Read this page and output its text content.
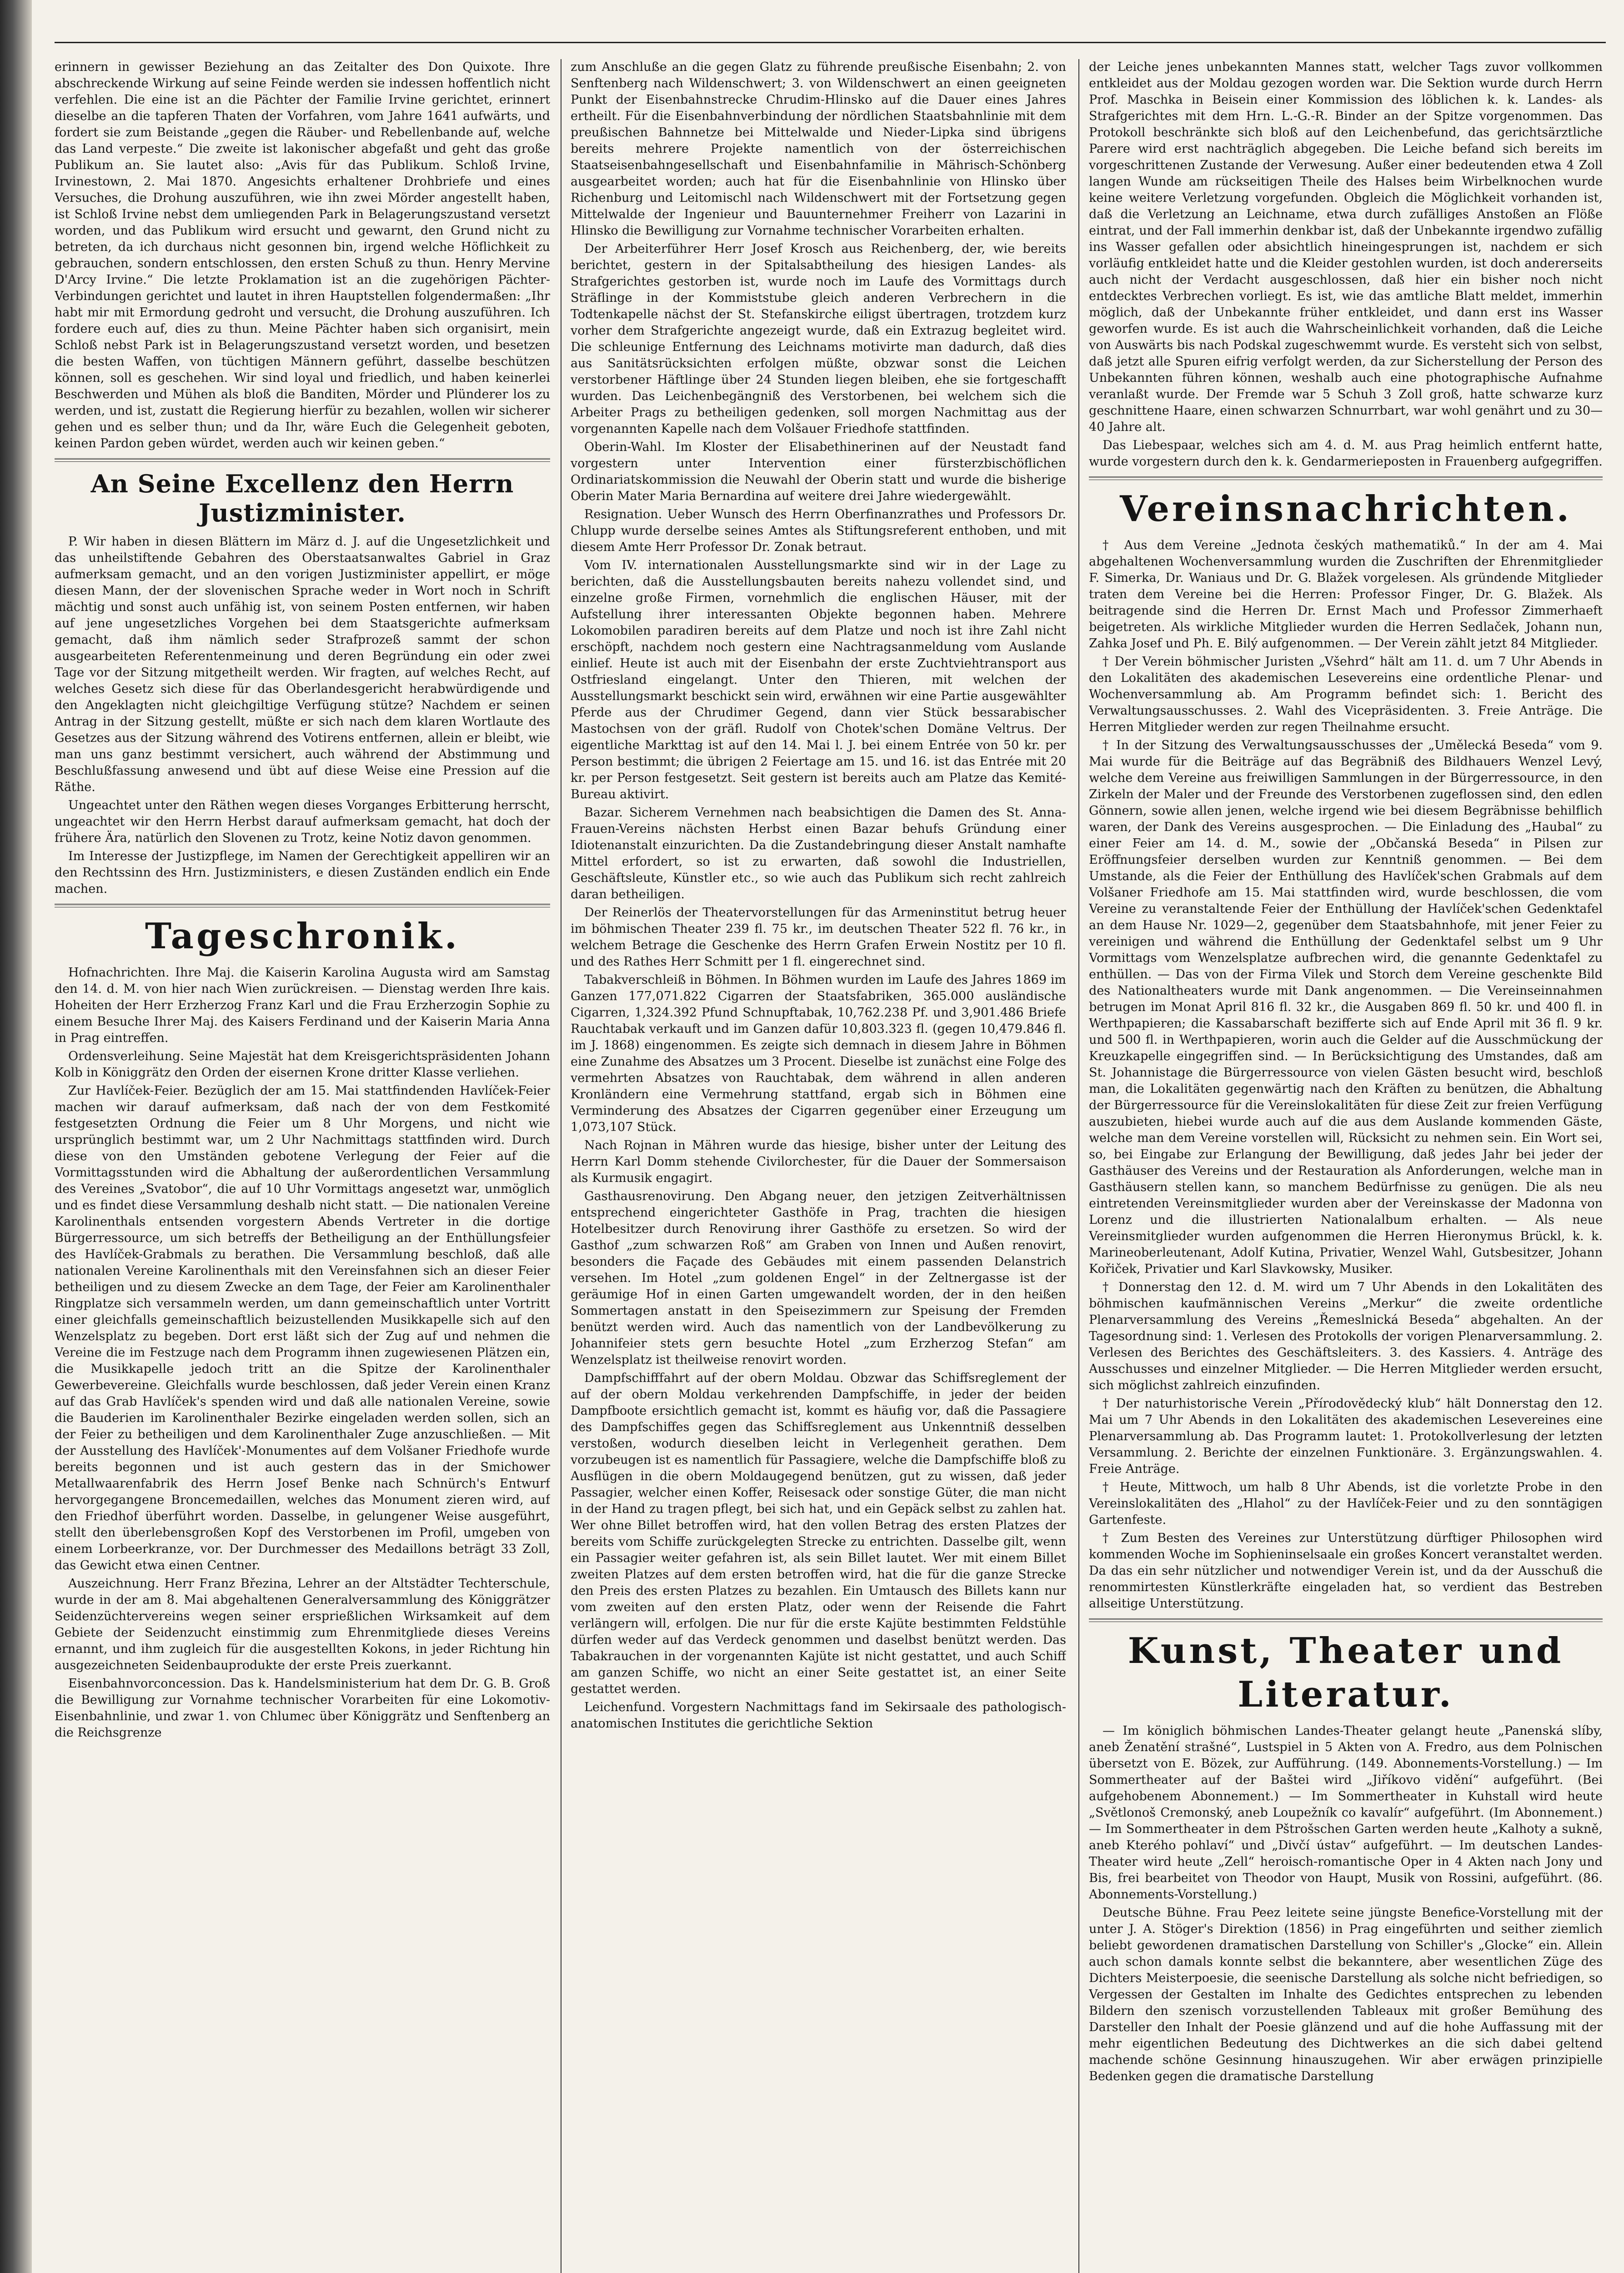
erinnern in gewisser Beziehung an das Zeitalter des Don Quixote. Ihre abschreckende Wirkung auf seine Feinde werden sie indessen hoffentlich nicht verfehlen. Die eine ist an die Pächter der Familie Irvine gerichtet, erinnert dieselbe an die tapferen Thaten der Vorfahren, vom Jahre 1641 aufwärts, und fordert sie zum Beistande „gegen die Räuber- und Rebellenbande auf, welche das Land verpeste.“ Die zweite ist lakonischer abgefaßt und geht das große Publikum an. Sie lautet also: „Avis für das Publikum. Schloß Irvine, Irvinestown, 2. Mai 1870. Angesichts erhaltener Drohbriefe und eines Versuches, die Drohung auszuführen, wie ihn zwei Mörder angestellt haben, ist Schloß Irvine nebst dem umliegenden Park in Belagerungszustand versetzt worden, und das Publikum wird ersucht und gewarnt, den Grund nicht zu betreten, da ich durchaus nicht gesonnen bin, irgend welche Höflichkeit zu gebrauchen, sondern entschlossen, den ersten Schuß zu thun. Henry Mervine D'Arcy Irvine.“ Die letzte Proklamation ist an die zugehörigen Pächter-Verbindungen gerichtet und lautet in ihren Hauptstellen folgendermaßen: „Ihr habt mir mit Ermordung gedroht und versucht, die Drohung auszuführen. Ich fordere euch auf, dies zu thun. Meine Pächter haben sich organisirt, mein Schloß nebst Park ist in Belagerungszustand versetzt worden, und besetzen die besten Waffen, von tüchtigen Männern geführt, dasselbe beschützen können, soll es geschehen. Wir sind loyal und friedlich, und haben keinerlei Beschwerden und Mühen als bloß die Banditen, Mörder und Plünderer los zu werden, und ist, zustatt die Regierung hierfür zu bezahlen, wollen wir sicherer gehen und es selber thun; und da Ihr, wäre Euch die Gelegenheit geboten, keinen Pardon geben würdet, werden auch wir keinen geben.“

An Seine Excellenz den Herrn Justizminister.

P. Wir haben in diesen Blättern im März d. J. auf die Ungesetzlichkeit und das unheilstiftende Gebahren des Oberstaatsanwaltes Gabriel in Graz aufmerksam gemacht, und an den vorigen Justizminister appellirt, er möge diesen Mann, der der slovenischen Sprache weder in Wort noch in Schrift mächtig und sonst auch unfähig ist, von seinem Posten entfernen, wir haben auf jene ungesetzliches Vorgehen bei dem Staatsgerichte aufmerksam gemacht, daß ihm nämlich seder Strafprozeß sammt der schon ausgearbeiteten Referentenmeinung und deren Begründung ein oder zwei Tage vor der Sitzung mitgetheilt werden. Wir fragten, auf welches Recht, auf welches Gesetz sich diese für das Oberlandesgericht herabwürdigende und den Angeklagten nicht gleichgiltige Verfügung stütze? Nachdem er seinen Antrag in der Sitzung gestellt, müßte er sich nach dem klaren Wortlaute des Gesetzes aus der Sitzung während des Votirens entfernen, allein er bleibt, wie man uns ganz bestimmt versichert, auch während der Abstimmung und Beschlußfassung anwesend und übt auf diese Weise eine Pression auf die Räthe.

Ungeachtet unter den Räthen wegen dieses Vorganges Erbitterung herrscht, ungeachtet wir den Herrn Herbst darauf aufmerksam gemacht, hat doch der frühere Ära, natürlich den Slovenen zu Trotz, keine Notiz davon genommen.

Im Interesse der Justizpflege, im Namen der Gerechtigkeit appelliren wir an den Rechtssinn des Hrn. Justizministers, e diesen Zuständen endlich ein Ende machen.

Tageschronik.

Hofnachrichten. Ihre Maj. die Kaiserin Karolina Augusta wird am Samstag den 14. d. M. von hier nach Wien zurückreisen. — Dienstag werden Ihre kais. Hoheiten der Herr Erzherzog Franz Karl und die Frau Erzherzogin Sophie zu einem Besuche Ihrer Maj. des Kaisers Ferdinand und der Kaiserin Maria Anna in Prag eintreffen.

Ordensverleihung. Seine Majestät hat dem Kreisgerichtspräsidenten Johann Kolb in Königgrätz den Orden der eisernen Krone dritter Klasse verliehen.

Zur Havlíček-Feier. Bezüglich der am 15. Mai stattfindenden Havlíček-Feier machen wir darauf aufmerksam, daß nach der von dem Festkomité festgesetzten Ordnung die Feier um 8 Uhr Morgens, und nicht wie ursprünglich bestimmt war, um 2 Uhr Nachmittags stattfinden wird. Durch diese von den Umständen gebotene Verlegung der Feier auf die Vormittagsstunden wird die Abhaltung der außerordentlichen Versammlung des Vereines „Svatobor“, die auf 10 Uhr Vormittags angesetzt war, unmöglich und es findet diese Versammlung deshalb nicht statt. — Die nationalen Vereine Karolinenthals entsenden vorgestern Abends Vertreter in die dortige Bürgerressource, um sich betreffs der Betheiligung an der Enthüllungsfeier des Havlíček-Grabmals zu berathen. Die Versammlung beschloß, daß alle nationalen Vereine Karolinenthals mit den Vereinsfahnen sich an dieser Feier betheiligen und zu diesem Zwecke an dem Tage, der Feier am Karolinenthaler Ringplatze sich versammeln werden, um dann gemeinschaftlich unter Vortritt einer gleichfalls gemeinschaftlich beizustellenden Musikkapelle sich auf den Wenzelsplatz zu begeben. Dort erst läßt sich der Zug auf und nehmen die Vereine die im Festzuge nach dem Programm ihnen zugewiesenen Plätzen ein, die Musikkapelle jedoch tritt an die Spitze der Karolinenthaler Gewerbevereine. Gleichfalls wurde beschlossen, daß jeder Verein einen Kranz auf das Grab Havlíček's spenden wird und daß alle nationalen Vereine, sowie die Bauderien im Karolinenthaler Bezirke eingeladen werden sollen, sich an der Feier zu betheiligen und dem Karolinenthaler Zuge anzuschließen. — Mit der Ausstellung des Havlíček'-Monumentes auf dem Volšaner Friedhofe wurde bereits begonnen und ist auch gestern das in der Smichower Metallwaarenfabrik des Herrn Josef Benke nach Schnürch's Entwurf hervorgegangene Broncemedaillen, welches das Monument zieren wird, auf den Friedhof überführt worden. Dasselbe, in gelungener Weise ausgeführt, stellt den überlebensgroßen Kopf des Verstorbenen im Profil, umgeben von einem Lorbeerkranze, vor. Der Durchmesser des Medaillons beträgt 33 Zoll, das Gewicht etwa einen Centner.

Auszeichnung. Herr Franz Březina, Lehrer an der Altstädter Techterschule, wurde in der am 8. Mai abgehaltenen Generalversammlung des Königgrätzer Seidenzüchtervereins wegen seiner ersprießlichen Wirksamkeit auf dem Gebiete der Seidenzucht einstimmig zum Ehrenmitgliede dieses Vereins ernannt, und ihm zugleich für die ausgestellten Kokons, in jeder Richtung hin ausgezeichneten Seidenbauprodukte der erste Preis zuerkannt.

Eisenbahnvorconcession. Das k. Handelsministerium hat dem Dr. G. B. Groß die Bewilligung zur Vornahme technischer Vorarbeiten für eine Lokomotiv-Eisenbahnlinie, und zwar 1. von Chlumec über Königgrätz und Senftenberg an die Reichsgrenze

zum Anschluße an die gegen Glatz zu führende preußische Eisenbahn; 2. von Senftenberg nach Wildenschwert; 3. von Wildenschwert an einen geeigneten Punkt der Eisenbahnstrecke Chrudim-Hlinsko auf die Dauer eines Jahres ertheilt. Für die Eisenbahnverbindung der nördlichen Staatsbahnlinie mit dem preußischen Bahnnetze bei Mittelwalde und Nieder-Lipka sind übrigens bereits mehrere Projekte namentlich von der österreichischen Staatseisenbahngesellschaft und Eisenbahnfamilie in Mährisch-Schönberg ausgearbeitet worden; auch hat für die Eisenbahnlinie von Hlinsko über Richenburg und Leitomischl nach Wildenschwert mit der Fortsetzung gegen Mittelwalde der Ingenieur und Bauunternehmer Freiherr von Lazarini in Hlinsko die Bewilligung zur Vornahme technischer Vorarbeiten erhalten.

Der Arbeiterführer Herr Josef Krosch aus Reichenberg, der, wie bereits berichtet, gestern in der Spitalsabtheilung des hiesigen Landes- als Strafgerichtes gestorben ist, wurde noch im Laufe des Vormittags durch Sträflinge in der Kommiststube gleich anderen Verbrechern in die Todtenkapelle nächst der St. Stefanskirche eiligst übertragen, trotzdem kurz vorher dem Strafgerichte angezeigt wurde, daß ein Extrazug begleitet wird. Die schleunige Entfernung des Leichnams motivirte man dadurch, daß dies aus Sanitätsrücksichten erfolgen müßte, obzwar sonst die Leichen verstorbener Häftlinge über 24 Stunden liegen bleiben, ehe sie fortgeschafft wurden. Das Leichenbegängniß des Verstorbenen, bei welchem sich die Arbeiter Prags zu betheiligen gedenken, soll morgen Nachmittag aus der vorgenannten Kapelle nach dem Volšauer Friedhofe stattfinden.

Oberin-Wahl. Im Kloster der Elisabethinerinen auf der Neustadt fand vorgestern unter Intervention einer fürsterzbischöflichen Ordinariatskommission die Neuwahl der Oberin statt und wurde die bisherige Oberin Mater Maria Bernardina auf weitere drei Jahre wiedergewählt.

Resignation. Ueber Wunsch des Herrn Oberfinanzrathes und Professors Dr. Chlupp wurde derselbe seines Amtes als Stiftungsreferent enthoben, und mit diesem Amte Herr Professor Dr. Zonak betraut.

Vom IV. internationalen Ausstellungsmarkte sind wir in der Lage zu berichten, daß die Ausstellungsbauten bereits nahezu vollendet sind, und einzelne große Firmen, vornehmlich die englischen Häuser, mit der Aufstellung ihrer interessanten Objekte begonnen haben. Mehrere Lokomobilen paradiren bereits auf dem Platze und noch ist ihre Zahl nicht erschöpft, nachdem noch gestern eine Nachtragsanmeldung vom Auslande einlief. Heute ist auch mit der Eisenbahn der erste Zuchtviehtransport aus Ostfriesland eingelangt. Unter den Thieren, mit welchen der Ausstellungsmarkt beschickt sein wird, erwähnen wir eine Partie ausgewählter Pferde aus der Chrudimer Gegend, dann vier Stück bessarabischer Mastochsen von der gräfl. Rudolf von Chotek'schen Domäne Veltrus. Der eigentliche Markttag ist auf den 14. Mai l. J. bei einem Entrée von 50 kr. per Person bestimmt; die übrigen 2 Feiertage am 15. und 16. ist das Entrée mit 20 kr. per Person festgesetzt. Seit gestern ist bereits auch am Platze das Kemité-Bureau aktivirt.

Bazar. Sicherem Vernehmen nach beabsichtigen die Damen des St. Anna-Frauen-Vereins nächsten Herbst einen Bazar behufs Gründung einer Idiotenanstalt einzurichten. Da die Zustandebringung dieser Anstalt namhafte Mittel erfordert, so ist zu erwarten, daß sowohl die Industriellen, Geschäftsleute, Künstler etc., so wie auch das Publikum sich recht zahlreich daran betheiligen.

Der Reinerlös der Theatervorstellungen für das Armeninstitut betrug heuer im böhmischen Theater 239 fl. 75 kr., im deutschen Theater 522 fl. 76 kr., in welchem Betrage die Geschenke des Herrn Grafen Erwein Nostitz per 10 fl. und des Rathes Herr Schmitt per 1 fl. eingerechnet sind.

Tabakverschleiß in Böhmen. In Böhmen wurden im Laufe des Jahres 1869 im Ganzen 177,071.822 Cigarren der Staatsfabriken, 365.000 ausländische Cigarren, 1,324.392 Pfund Schnupftabak, 10,762.238 Pf. und 3,901.486 Briefe Rauchtabak verkauft und im Ganzen dafür 10,803.323 fl. (gegen 10,479.846 fl. im J. 1868) eingenommen. Es zeigte sich demnach in diesem Jahre in Böhmen eine Zunahme des Absatzes um 3 Procent. Dieselbe ist zunächst eine Folge des vermehrten Absatzes von Rauchtabak, dem während in allen anderen Kronländern eine Vermehrung stattfand, ergab sich in Böhmen eine Verminderung des Absatzes der Cigarren gegenüber einer Erzeugung um 1,073,107 Stück.

Nach Rojnan in Mähren wurde das hiesige, bisher unter der Leitung des Herrn Karl Domm stehende Civilorchester, für die Dauer der Sommersaison als Kurmusik engagirt.

Gasthausrenovirung. Den Abgang neuer, den jetzigen Zeitverhältnissen entsprechend eingerichteter Gasthöfe in Prag, trachten die hiesigen Hotelbesitzer durch Renovirung ihrer Gasthöfe zu ersetzen. So wird der Gasthof „zum schwarzen Roß“ am Graben von Innen und Außen renovirt, besonders die Façade des Gebäudes mit einem passenden Delanstrich versehen. Im Hotel „zum goldenen Engel“ in der Zeltnergasse ist der geräumige Hof in einen Garten umgewandelt worden, der in den heißen Sommertagen anstatt in den Speisezimmern zur Speisung der Fremden benützt werden wird. Auch das namentlich von der Landbevölkerung zu Johannifeier stets gern besuchte Hotel „zum Erzherzog Stefan“ am Wenzelsplatz ist theilweise renovirt worden.

Dampfschifffahrt auf der obern Moldau. Obzwar das Schiffsreglement der auf der obern Moldau verkehrenden Dampfschiffe, in jeder der beiden Dampfboote ersichtlich gemacht ist, kommt es häufig vor, daß die Passagiere des Dampfschiffes gegen das Schiffsreglement aus Unkenntniß desselben verstoßen, wodurch dieselben leicht in Verlegenheit gerathen. Dem vorzubeugen ist es namentlich für Passagiere, welche die Dampfschiffe bloß zu Ausflügen in die obern Moldaugegend benützen, gut zu wissen, daß jeder Passagier, welcher einen Koffer, Reisesack oder sonstige Güter, die man nicht in der Hand zu tragen pflegt, bei sich hat, und ein Gepäck selbst zu zahlen hat. Wer ohne Billet betroffen wird, hat den vollen Betrag des ersten Platzes der bereits vom Schiffe zurückgelegten Strecke zu entrichten. Dasselbe gilt, wenn ein Passagier weiter gefahren ist, als sein Billet lautet. Wer mit einem Billet zweiten Platzes auf dem ersten betroffen wird, hat die für die ganze Strecke den Preis des ersten Platzes zu bezahlen. Ein Umtausch des Billets kann nur vom zweiten auf den ersten Platz, oder wenn der Reisende die Fahrt verlängern will, erfolgen. Die nur für die erste Kajüte bestimmten Feldstühle dürfen weder auf das Verdeck genommen und daselbst benützt werden. Das Tabakrauchen in der vorgenannten Kajüte ist nicht gestattet, und auch Schiff am ganzen Schiffe, wo nicht an einer Seite gestattet ist, an einer Seite gestattet werden.

Leichenfund. Vorgestern Nachmittags fand im Sekirsaale des pathologisch-anatomischen Institutes die gerichtliche Sektion

der Leiche jenes unbekannten Mannes statt, welcher Tags zuvor vollkommen entkleidet aus der Moldau gezogen worden war. Die Sektion wurde durch Herrn Prof. Maschka in Beisein einer Kommission des löblichen k. k. Landes- als Strafgerichtes mit dem Hrn. L.-G.-R. Binder an der Spitze vorgenommen. Das Protokoll beschränkte sich bloß auf den Leichenbefund, das gerichtsärztliche Parere wird erst nachträglich abgegeben. Die Leiche befand sich bereits im vorgeschrittenen Zustande der Verwesung. Außer einer bedeutenden etwa 4 Zoll langen Wunde am rückseitigen Theile des Halses beim Wirbelknochen wurde keine weitere Verletzung vorgefunden. Obgleich die Möglichkeit vorhanden ist, daß die Verletzung an Leichname, etwa durch zufälliges Anstoßen an Flöße eintrat, und der Fall immerhin denkbar ist, daß der Unbekannte irgendwo zufällig ins Wasser gefallen oder absichtlich hineingesprungen ist, nachdem er sich vorläufig entkleidet hatte und die Kleider gestohlen wurden, ist doch andererseits auch nicht der Verdacht ausgeschlossen, daß hier ein bisher noch nicht entdecktes Verbrechen vorliegt. Es ist, wie das amtliche Blatt meldet, immerhin möglich, daß der Unbekannte früher entkleidet, und dann erst ins Wasser geworfen wurde. Es ist auch die Wahrscheinlichkeit vorhanden, daß die Leiche von Auswärts bis nach Podskal zugeschwemmt wurde. Es versteht sich von selbst, daß jetzt alle Spuren eifrig verfolgt werden, da zur Sicherstellung der Person des Unbekannten führen können, weshalb auch eine photographische Aufnahme veranlaßt wurde. Der Fremde war 5 Schuh 3 Zoll groß, hatte schwarze kurz geschnittene Haare, einen schwarzen Schnurrbart, war wohl genährt und zu 30—40 Jahre alt.

Das Liebespaar, welches sich am 4. d. M. aus Prag heimlich entfernt hatte, wurde vorgestern durch den k. k. Gendarmerieposten in Frauenberg aufgegriffen.

Vereinsnachrichten.

† Aus dem Vereine „Jednota českých mathematiků.“ In der am 4. Mai abgehaltenen Wochenversammlung wurden die Zuschriften der Ehrenmitglieder F. Simerka, Dr. Waniaus und Dr. G. Blažek vorgelesen. Als gründende Mitglieder traten dem Vereine bei die Herren: Professor Finger, Dr. G. Blažek. Als beitragende sind die Herren Dr. Ernst Mach und Professor Zimmerhaeft beigetreten. Als wirkliche Mitglieder wurden die Herren Sedlaček, Johann nun, Zahka Josef und Ph. E. Bilý aufgenommen. — Der Verein zählt jetzt 84 Mitglieder.

† Der Verein böhmischer Juristen „Všehrd“ hält am 11. d. um 7 Uhr Abends in den Lokalitäten des akademischen Lesevereins eine ordentliche Plenar- und Wochenversammlung ab. Am Programm befindet sich: 1. Bericht des Verwaltungsausschusses. 2. Wahl des Vicepräsidenten. 3. Freie Anträge. Die Herren Mitglieder werden zur regen Theilnahme ersucht.

† In der Sitzung des Verwaltungsausschusses der „Umělecká Beseda“ vom 9. Mai wurde für die Beiträge auf das Begräbniß des Bildhauers Wenzel Levý, welche dem Vereine aus freiwilligen Sammlungen in der Bürgerressource, in den Zirkeln der Maler und der Freunde des Verstorbenen zugeflossen sind, den edlen Gönnern, sowie allen jenen, welche irgend wie bei diesem Begräbnisse behilflich waren, der Dank des Vereins ausgesprochen. — Die Einladung des „Haubal“ zu einer Feier am 14. d. M., sowie der „Občanská Beseda“ in Pilsen zur Eröffnungsfeier derselben wurden zur Kenntniß genommen. — Bei dem Umstande, als die Feier der Enthüllung des Havlíček'schen Grabmals auf dem Volšaner Friedhofe am 15. Mai stattfinden wird, wurde beschlossen, die vom Vereine zu veranstaltende Feier der Enthüllung der Havlíček'schen Gedenktafel an dem Hause Nr. 1029—2, gegenüber dem Staatsbahnhofe, mit jener Feier zu vereinigen und während die Enthüllung der Gedenktafel selbst um 9 Uhr Vormittags vom Wenzelsplatze aufbrechen wird, die genannte Gedenktafel zu enthüllen. — Das von der Firma Vilek und Storch dem Vereine geschenkte Bild des Nationaltheaters wurde mit Dank angenommen. — Die Vereinseinnahmen betrugen im Monat April 816 fl. 32 kr., die Ausgaben 869 fl. 50 kr. und 400 fl. in Werthpapieren; die Kassabarschaft bezifferte sich auf Ende April mit 36 fl. 9 kr. und 500 fl. in Werthpapieren, worin auch die Gelder auf die Ausschmückung der Kreuzkapelle eingegriffen sind. — In Berücksichtigung des Umstandes, daß am St. Johannistage die Bürgerressource von vielen Gästen besucht wird, beschloß man, die Lokalitäten gegenwärtig nach den Kräften zu benützen, die Abhaltung der Bürgerressource für die Vereinslokalitäten für diese Zeit zur freien Verfügung auszubieten, hiebei wurde auch auf die aus dem Auslande kommenden Gäste, welche man dem Vereine vorstellen will, Rücksicht zu nehmen sein. Ein Wort sei, so, bei Eingabe zur Erlangung der Bewilligung, daß jedes Jahr bei jeder der Gasthäuser des Vereins und der Restauration als Anforderungen, welche man in Gasthäusern stellen kann, so manchem Bedürfnisse zu genügen. Die als neu eintretenden Vereinsmitglieder wurden aber der Vereinskasse der Madonna von Lorenz und die illustrierten Nationalalbum erhalten. — Als neue Vereinsmitglieder wurden aufgenommen die Herren Hieronymus Brückl, k. k. Marineoberleutenant, Adolf Kutina, Privatier, Wenzel Wahl, Gutsbesitzer, Johann Kořiček, Privatier und Karl Slavkowsky, Musiker.

† Donnerstag den 12. d. M. wird um 7 Uhr Abends in den Lokalitäten des böhmischen kaufmännischen Vereins „Merkur“ die zweite ordentliche Plenarversammlung des Vereins „Řemeslnická Beseda“ abgehalten. An der Tagesordnung sind: 1. Verlesen des Protokolls der vorigen Plenarversammlung. 2. Verlesen des Berichtes des Geschäftsleiters. 3. des Kassiers. 4. Anträge des Ausschusses und einzelner Mitglieder. — Die Herren Mitglieder werden ersucht, sich möglichst zahlreich einzufinden.

† Der naturhistorische Verein „Přírodovědecký klub“ hält Donnerstag den 12. Mai um 7 Uhr Abends in den Lokalitäten des akademischen Lesevereines eine Plenarversammlung ab. Das Programm lautet: 1. Protokollverlesung der letzten Versammlung. 2. Berichte der einzelnen Funktionäre. 3. Ergänzungswahlen. 4. Freie Anträge.

† Heute, Mittwoch, um halb 8 Uhr Abends, ist die vorletzte Probe in den Vereinslokalitäten des „Hlahol“ zu der Havlíček-Feier und zu den sonntägigen Gartenfeste.

† Zum Besten des Vereines zur Unterstützung dürftiger Philosophen wird kommenden Woche im Sophieninselsaale ein großes Koncert veranstaltet werden. Da das ein sehr nützlicher und notwendiger Verein ist, und da der Ausschuß die renommirtesten Künstlerkräfte eingeladen hat, so verdient das Bestreben allseitige Unterstützung.

Kunst, Theater und Literatur.

— Im königlich böhmischen Landes-Theater gelangt heute „Panenská slíby, aneb Ženatění strašné“, Lustspiel in 5 Akten von A. Fredro, aus dem Polnischen übersetzt von E. Bözek, zur Aufführung. (149. Abonnements-Vorstellung.) — Im Sommertheater auf der Baštei wird „Jiříkovo vidění“ aufgeführt. (Bei aufgehobenem Abonnement.) — Im Sommertheater in Kuhstall wird heute „Světlonoš Cremonský, aneb Loupežník co kavalír“ aufgeführt. (Im Abonnement.) — Im Sommertheater in dem Pštrošschen Garten werden heute „Kalhoty a sukně, aneb Kterého pohlaví“ und „Divčí ústav“ aufgeführt. — Im deutschen Landes-Theater wird heute „Zell“ heroisch-romantische Oper in 4 Akten nach Jony und Bis, frei bearbeitet von Theodor von Haupt, Musik von Rossini, aufgeführt. (86. Abonnements-Vorstellung.)

Deutsche Bühne. Frau Peez leitete seine jüngste Benefice-Vorstellung mit der unter J. A. Stöger's Direktion (1856) in Prag eingeführten und seither ziemlich beliebt gewordenen dramatischen Darstellung von Schiller's „Glocke“ ein. Allein auch schon damals konnte selbst die bekanntere, aber wesentlichen Züge des Dichters Meisterpoesie, die seenische Darstellung als solche nicht befriedigen, so Vergessen der Gestalten im Inhalte des Gedichtes entsprechen zu lebenden Bildern den szenisch vorzustellenden Tableaux mit großer Bemühung des Darsteller den Inhalt der Poesie glänzend und auf die hohe Auffassung mit der mehr eigentlichen Bedeutung des Dichtwerkes an die sich dabei geltend machende schöne Gesinnung hinauszugehen. Wir aber erwägen prinzipielle Bedenken gegen die dramatische Darstellung
